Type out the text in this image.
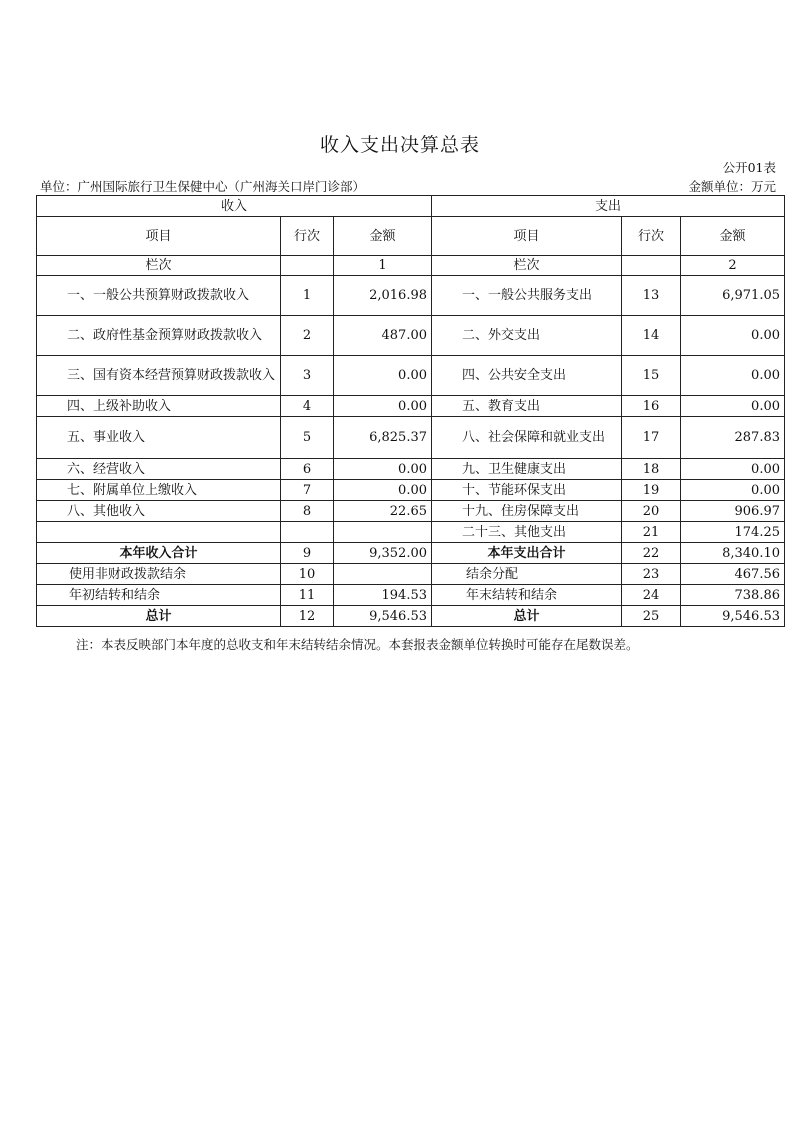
收入支出决算总表
公开01表
单位：广州国际旅行卫生保健中心（广州海关口岸门诊部）	金额单位：万元
收入			支出		
项目	行次	金额	项目	行次	金额
栏次		1	栏次		2
一、一般公共预算财政拨款收入	1	2,016.98	一、一般公共服务支出	13	6,971.05
二、政府性基金预算财政拨款收入	2	487.00	二、外交支出	14	0.00
三、国有资本经营预算财政拨款收入	3	0.00	四、公共安全支出	15	0.00
四、上级补助收入	4	0.00	五、教育支出	16	0.00
五、事业收入	5	6,825.37	八、社会保障和就业支出	17	287.83
六、经营收入	6	0.00	九、卫生健康支出	18	0.00
七、附属单位上缴收入	7	0.00	十、节能环保支出	19	0.00
八、其他收入	8	22.65	十九、住房保障支出	20	906.97
			二十三、其他支出	21	174.25
本年收入合计	9	9,352.00	本年支出合计	22	8,340.10
使用非财政拨款结余	10		结余分配	23	467.56
年初结转和结余	11	194.53	年末结转和结余	24	738.86
总计	12	9,546.53	总计	25	9,546.53
注：本表反映部门本年度的总收支和年末结转结余情况。本套报表金额单位转换时可能存在尾数误差。
